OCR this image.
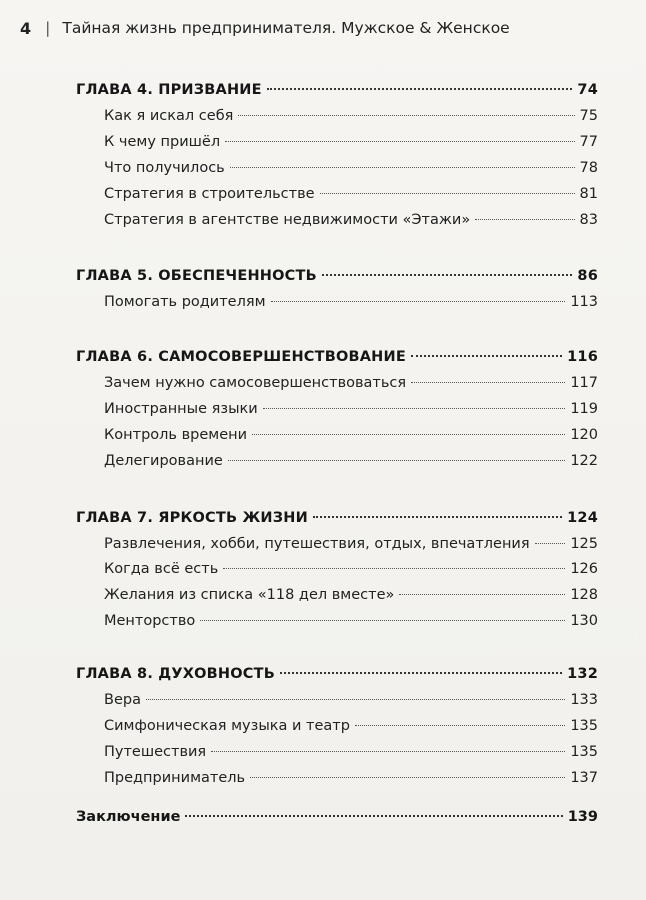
4 | Тайная жизнь предпринимателя. Мужское & Женское
ГЛАВА 4. ПРИЗВАНИЕ	74
Как я искал себя	75
К чему пришёл	77
Что получилось	78
Стратегия в строительстве	81
Стратегия в агентстве недвижимости «Этажи»	83
ГЛАВА 5. ОБЕСПЕЧЕННОСТЬ	86
Помогать родителям	113
ГЛАВА 6. САМОСОВЕРШЕНСТВОВАНИЕ	116
Зачем нужно самосовершенствоваться	117
Иностранные языки	119
Контроль времени	120
Делегирование	122
ГЛАВА 7. ЯРКОСТЬ ЖИЗНИ	124
Развлечения, хобби, путешествия, отдых, впечатления	125
Когда всё есть	126
Желания из списка «118 дел вместе»	128
Менторство	130
ГЛАВА 8. ДУХОВНОСТЬ	132
Вера	133
Симфоническая музыка и театр	135
Путешествия	135
Предприниматель	137
Заключение	139
